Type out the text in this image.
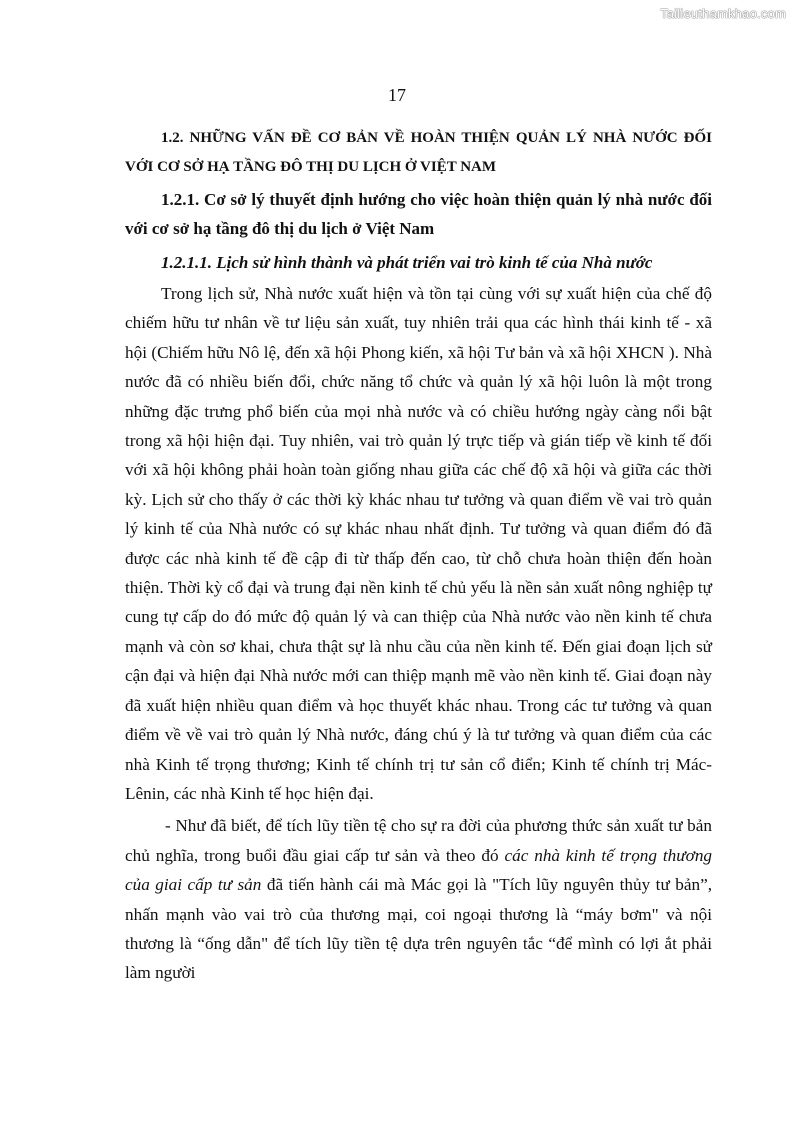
Tailieuthamkhao.com
17

1.2. NHỮNG VẤN ĐỀ CƠ BẢN VỀ HOÀN THIỆN QUẢN LÝ NHÀ NƯỚC ĐỐI VỚI CƠ SỞ HẠ TẦNG ĐÔ THỊ DU LỊCH Ở VIỆT NAM

1.2.1. Cơ sở lý thuyết định hướng cho việc hoàn thiện quản lý nhà nước đối với cơ sở hạ tầng đô thị du lịch ở Việt Nam

1.2.1.1. Lịch sử hình thành và phát triển vai trò kinh tế của Nhà nước

Trong lịch sử, Nhà nước xuất hiện và tồn tại cùng với sự xuất hiện của chế độ chiếm hữu tư nhân về tư liệu sản xuất, tuy nhiên trải qua các hình thái kinh tế - xã hội (Chiếm hữu Nô lệ, đến xã hội Phong kiến, xã hội Tư bản và xã hội XHCN ). Nhà nước đã có nhiều biến đổi, chức năng tổ chức và quản lý xã hội luôn là một trong những đặc trưng phổ biến của mọi nhà nước và có chiều hướng ngày càng nổi bật trong xã hội hiện đại. Tuy nhiên, vai trò quản lý trực tiếp và gián tiếp về kinh tế đối với xã hội không phải hoàn toàn giống nhau giữa các chế độ xã hội và giữa các thời kỳ. Lịch sử cho thấy ở các thời kỳ khác nhau tư tưởng và quan điểm về vai trò quản lý kinh tế của Nhà nước có sự khác nhau nhất định. Tư tưởng và quan điểm đó đã được các nhà kinh tế đề cập đi từ thấp đến cao, từ chỗ chưa hoàn thiện đến hoàn thiện. Thời kỳ cổ đại và trung đại nền kinh tế chủ yếu là nền sản xuất nông nghiệp tự cung tự cấp do đó mức độ quản lý và can thiệp của Nhà nước vào nền kinh tế chưa mạnh và còn sơ khai, chưa thật sự là nhu cầu của nền kinh tế. Đến giai đoạn lịch sử cận đại và hiện đại Nhà nước mới can thiệp mạnh mẽ vào nền kinh tế. Giai đoạn này đã xuất hiện nhiều quan điểm và học thuyết khác nhau. Trong các tư tưởng và quan điểm về về vai trò quản lý Nhà nước, đáng chú ý là tư tưởng và quan điểm của các nhà Kinh tế trọng thương; Kinh tế chính trị tư sản cổ điển; Kinh tế chính trị Mác-Lênin, các nhà Kinh tế học hiện đại.

- Như đã biết, để tích lũy tiền tệ cho sự ra đời của phương thức sản xuất tư bản chủ nghĩa, trong buổi đầu giai cấp tư sản và theo đó các nhà kinh tế trọng thương của giai cấp tư sản đã tiến hành cái mà Mác gọi là "Tích lũy nguyên thủy tư bản”, nhấn mạnh vào vai trò của thương mại, coi ngoại thương là “máy bơm" và nội thương là “ống dẫn" để tích lũy tiền tệ dựa trên nguyên tắc “để mình có lợi ắt phải làm người
